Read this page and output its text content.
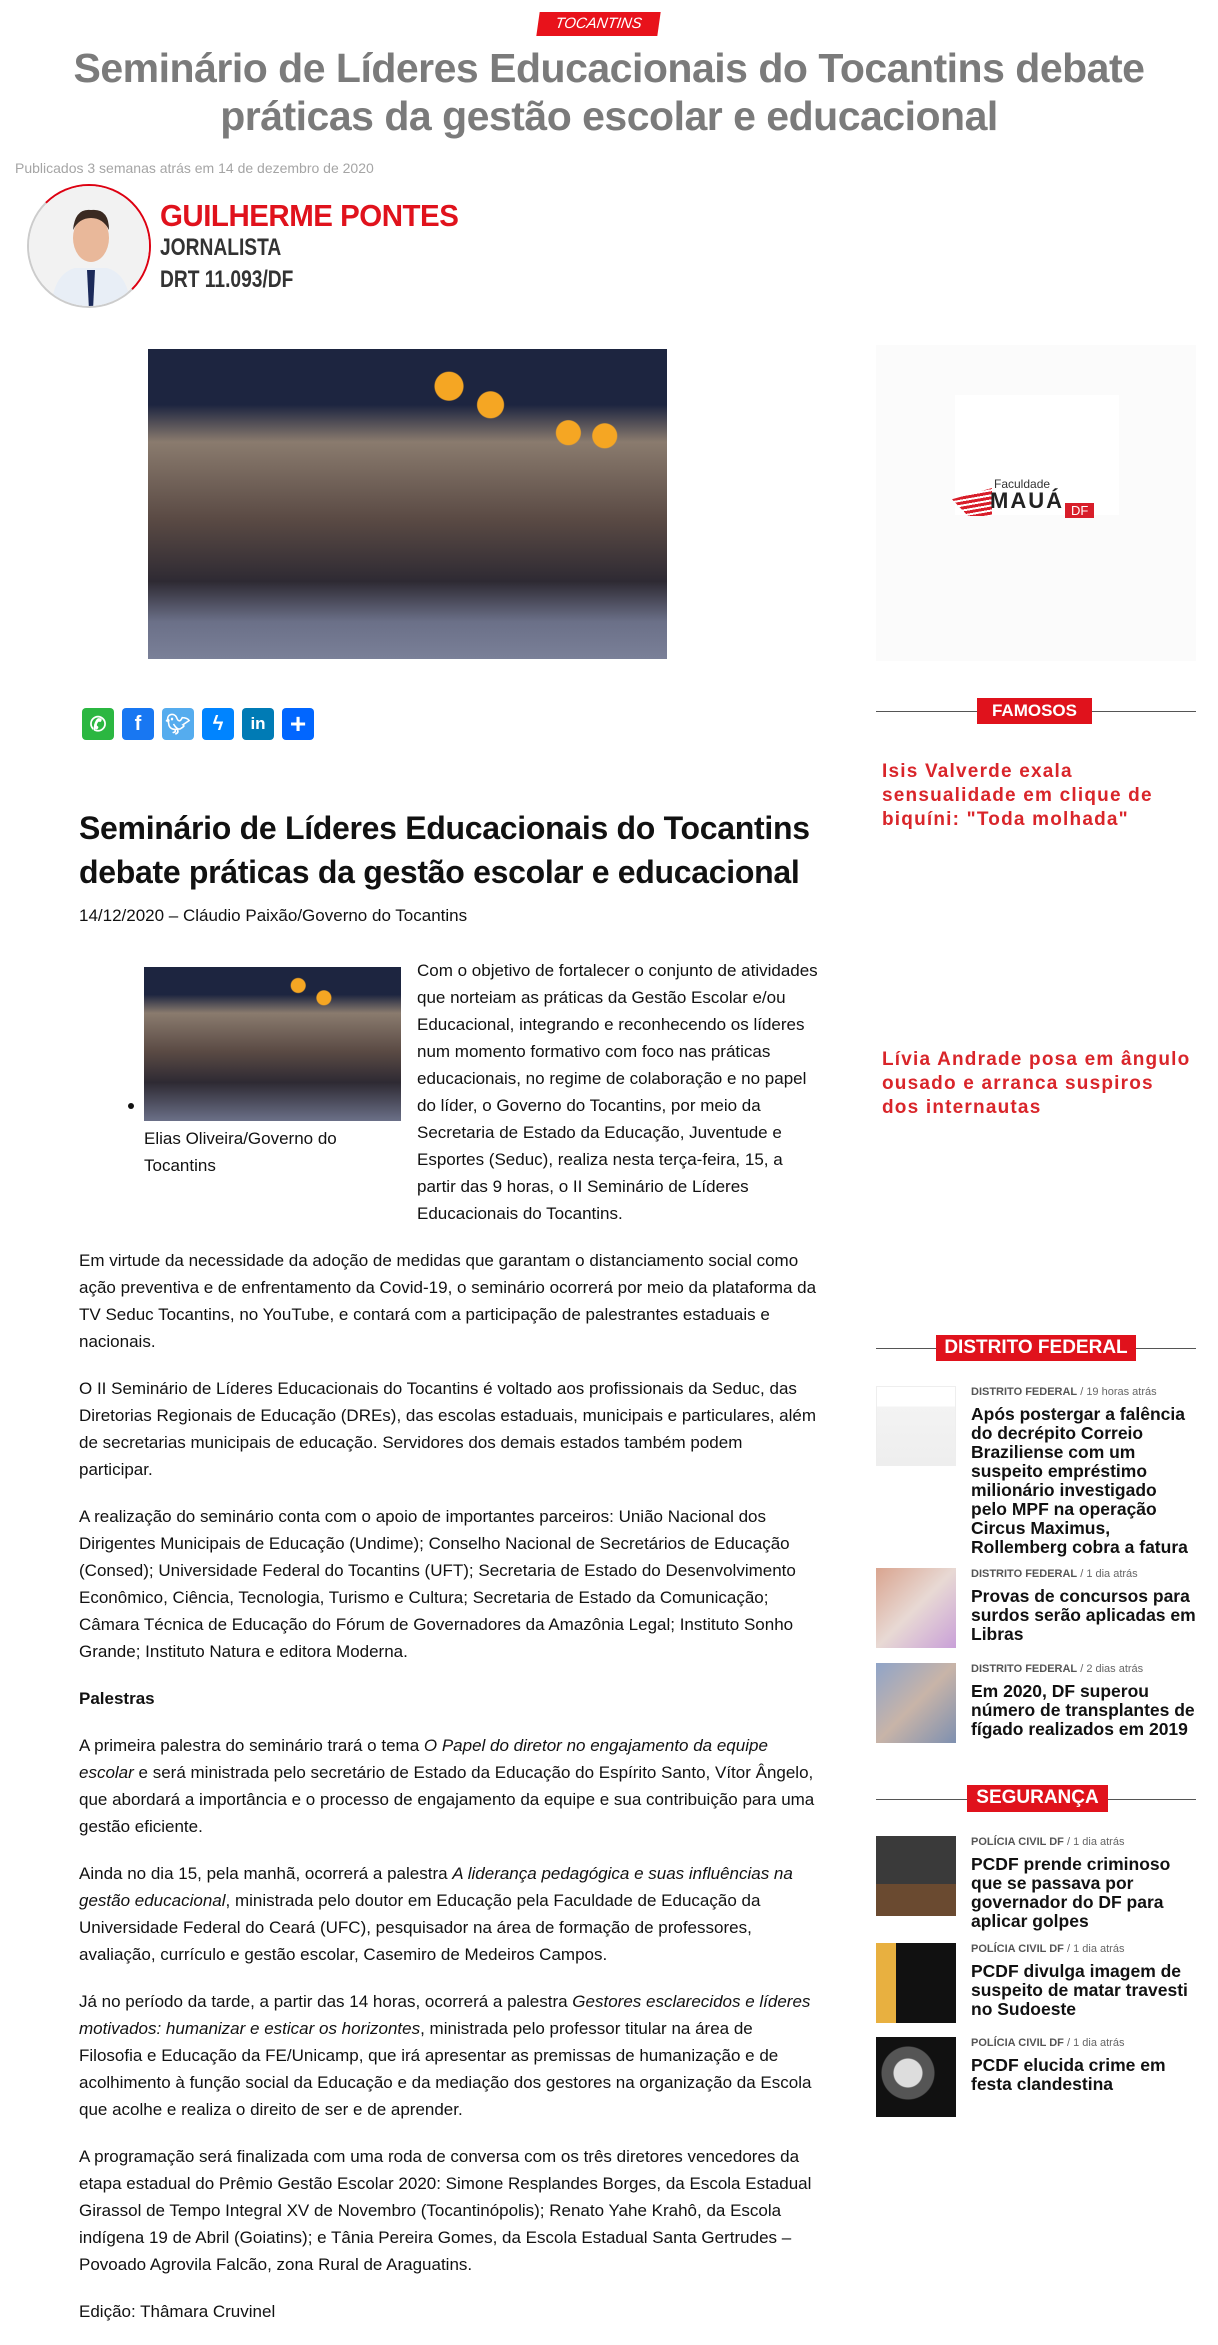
TOCANTINS
Seminário de Líderes Educacionais do Tocantins debate práticas da gestão escolar e educacional
Publicados 3 semanas atrás em 14 de dezembro de 2020
GUILHERME PONTES
JORNALISTA
DRT 11.093/DF
Faculdade
MAUÁ DF
✆ f 🐦︎ ϟ in +
Seminário de Líderes Educacionais do Tocantins debate práticas da gestão escolar e educacional
14/12/2020 – Cláudio Paixão/Governo do Tocantins
Elias Oliveira/Governo do Tocantins
Com o objetivo de fortalecer o conjunto de atividades que norteiam as práticas da Gestão Escolar e/ou Educacional, integrando e reconhecendo os líderes num momento formativo com foco nas práticas educacionais, no regime de colaboração e no papel do líder, o Governo do Tocantins, por meio da Secretaria de Estado da Educação, Juventude e Esportes (Seduc), realiza nesta terça-feira, 15, a partir das 9 horas, o II Seminário de Líderes Educacionais do Tocantins.

Em virtude da necessidade da adoção de medidas que garantam o distanciamento social como ação preventiva e de enfrentamento da Covid-19, o seminário ocorrerá por meio da plataforma da TV Seduc Tocantins, no YouTube, e contará com a participação de palestrantes estaduais e nacionais.

O II Seminário de Líderes Educacionais do Tocantins é voltado aos profissionais da Seduc, das Diretorias Regionais de Educação (DREs), das escolas estaduais, municipais e particulares, além de secretarias municipais de educação. Servidores dos demais estados também podem participar.

A realização do seminário conta com o apoio de importantes parceiros: União Nacional dos Dirigentes Municipais de Educação (Undime); Conselho Nacional de Secretários de Educação (Consed); Universidade Federal do Tocantins (UFT); Secretaria de Estado do Desenvolvimento Econômico, Ciência, Tecnologia, Turismo e Cultura; Secretaria de Estado da Comunicação; Câmara Técnica de Educação do Fórum de Governadores da Amazônia Legal; Instituto Sonho Grande; Instituto Natura e editora Moderna.

Palestras

A primeira palestra do seminário trará o tema O Papel do diretor no engajamento da equipe escolar e será ministrada pelo secretário de Estado da Educação do Espírito Santo, Vítor Ângelo, que abordará a importância e o processo de engajamento da equipe e sua contribuição para uma gestão eficiente.

Ainda no dia 15, pela manhã, ocorrerá a palestra A liderança pedagógica e suas influências na gestão educacional, ministrada pelo doutor em Educação pela Faculdade de Educação da Universidade Federal do Ceará (UFC), pesquisador na área de formação de professores, avaliação, currículo e gestão escolar, Casemiro de Medeiros Campos.

Já no período da tarde, a partir das 14 horas, ocorrerá a palestra Gestores esclarecidos e líderes motivados: humanizar e esticar os horizontes, ministrada pelo professor titular na área de Filosofia e Educação da FE/Unicamp, que irá apresentar as premissas de humanização e de acolhimento à função social da Educação e da mediação dos gestores na organização da Escola que acolhe e realiza o direito de ser e de aprender.

A programação será finalizada com uma roda de conversa com os três diretores vencedores da etapa estadual do Prêmio Gestão Escolar 2020: Simone Resplandes Borges, da Escola Estadual Girassol de Tempo Integral XV de Novembro (Tocantinópolis); Renato Yahe Krahô, da Escola indígena 19 de Abril (Goiatins); e Tânia Pereira Gomes, da Escola Estadual Santa Gertrudes – Povoado Agrovila Falcão, zona Rural de Araguatins.

Edição: Thâmara Cruvinel

FAMOSOS
Isis Valverde exala sensualidade em clique de biquíni: "Toda molhada"
Lívia Andrade posa em ângulo ousado e arranca suspiros dos internautas
DISTRITO FEDERAL
DISTRITO FEDERAL / 19 horas atrás
Após postergar a falência do decrépito Correio Braziliense com um suspeito empréstimo milionário investigado pelo MPF na operação Circus Maximus, Rollemberg cobra a fatura
DISTRITO FEDERAL / 1 dia atrás
Provas de concursos para surdos serão aplicadas em Libras
DISTRITO FEDERAL / 2 dias atrás
Em 2020, DF superou número de transplantes de fígado realizados em 2019
SEGURANÇA
POLÍCIA CIVIL DF / 1 dia atrás
PCDF prende criminoso que se passava por governador do DF para aplicar golpes
POLÍCIA CIVIL DF / 1 dia atrás
PCDF divulga imagem de suspeito de matar travesti no Sudoeste
POLÍCIA CIVIL DF / 1 dia atrás
PCDF elucida crime em festa clandestina
